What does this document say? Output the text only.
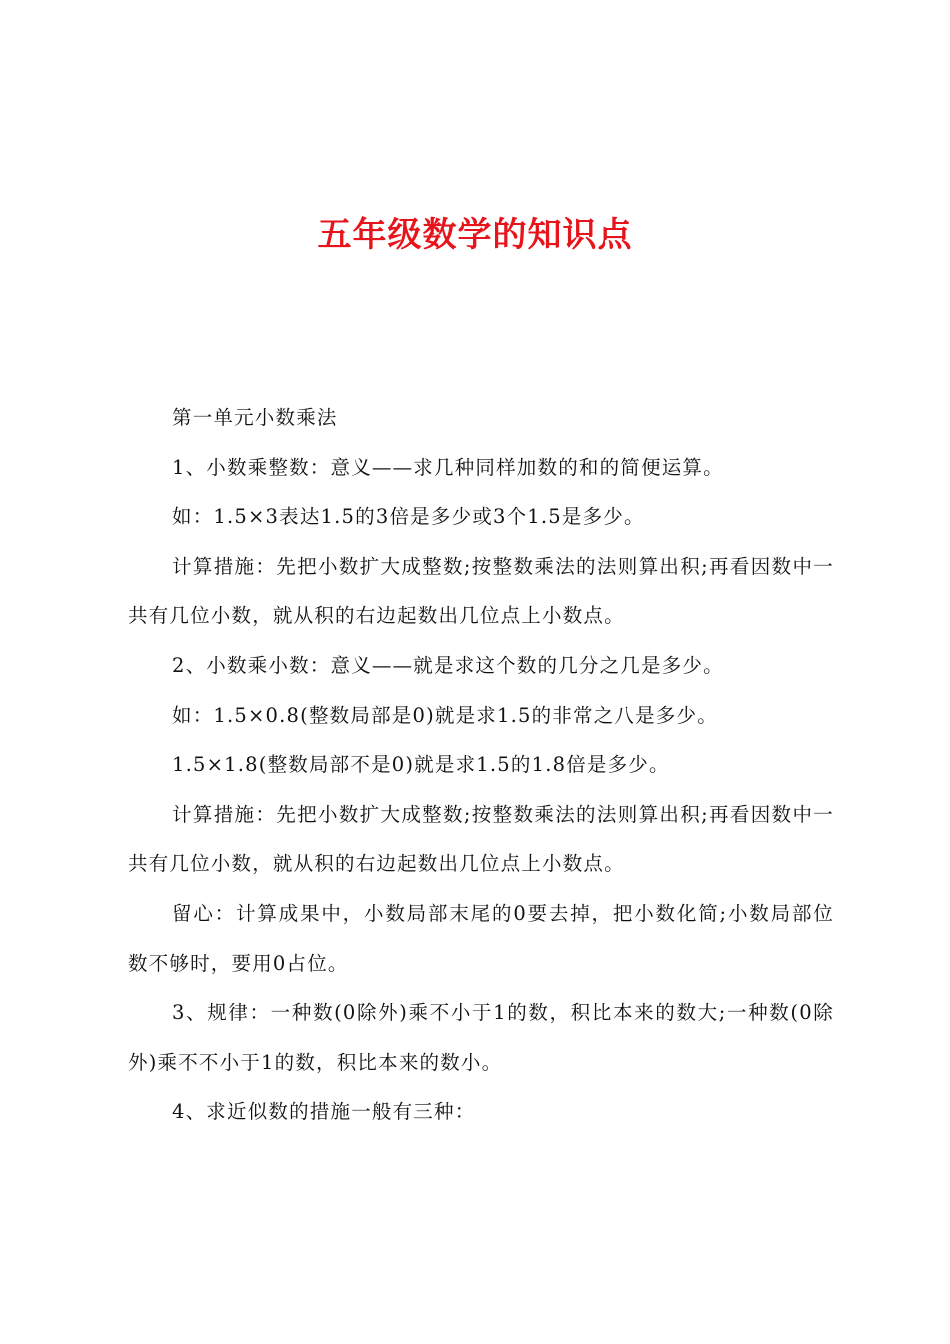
五年级数学的知识点

第一单元小数乘法

1、小数乘整数：意义——求几种同样加数的和的简便运算。

如：1.5×3表达1.5的3倍是多少或3个1.5是多少。

计算措施：先把小数扩大成整数;按整数乘法的法则算出积;再看因数中一共有几位小数，就从积的右边起数出几位点上小数点。

2、小数乘小数：意义——就是求这个数的几分之几是多少。

如：1.5×0.8(整数局部是0)就是求1.5的非常之八是多少。

1.5×1.8(整数局部不是0)就是求1.5的1.8倍是多少。

计算措施：先把小数扩大成整数;按整数乘法的法则算出积;再看因数中一共有几位小数，就从积的右边起数出几位点上小数点。

留心：计算成果中，小数局部末尾的0要去掉，把小数化简;小数局部位数不够时，要用0占位。

3、规律：一种数(0除外)乘不小于1的数，积比本来的数大;一种数(0除外)乘不不小于1的数，积比本来的数小。

4、求近似数的措施一般有三种：
